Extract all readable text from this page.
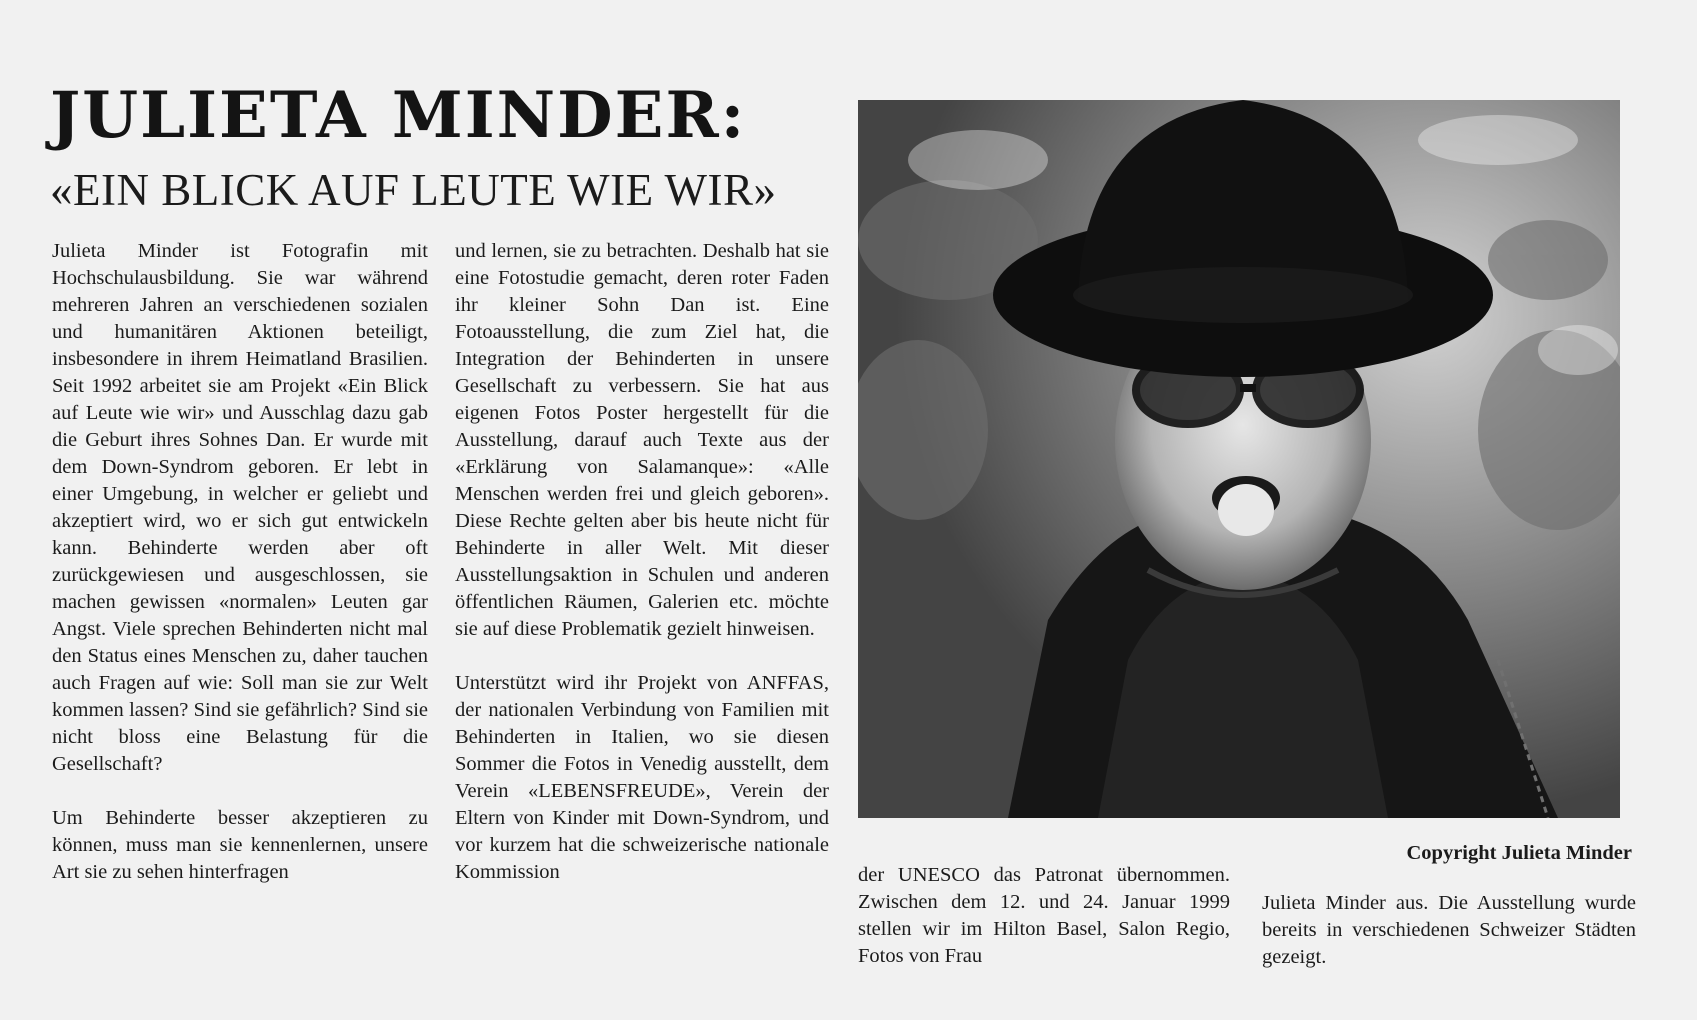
JULIETA MINDER:
«EIN BLICK AUF LEUTE WIE WIR»

Julieta Minder ist Fotografin mit Hochschulausbildung. Sie war während mehreren Jahren an verschiedenen sozialen und humanitären Aktionen beteiligt, insbesondere in ihrem Heimatland Brasilien. Seit 1992 arbeitet sie am Projekt «Ein Blick auf Leute wie wir» und Ausschlag dazu gab die Geburt ihres Sohnes Dan. Er wurde mit dem Down-Syndrom geboren. Er lebt in einer Umgebung, in welcher er geliebt und akzeptiert wird, wo er sich gut entwickeln kann. Behinderte werden aber oft zurückgewiesen und ausgeschlossen, sie machen gewissen «normalen» Leuten gar Angst. Viele sprechen Behinderten nicht mal den Status eines Menschen zu, daher tauchen auch Fragen auf wie: Soll man sie zur Welt kommen lassen? Sind sie gefährlich? Sind sie nicht bloss eine Belastung für die Gesellschaft?

Um Behinderte besser akzeptieren zu können, muss man sie kennenlernen, unsere Art sie zu sehen hinterfragen

und lernen, sie zu betrachten. Deshalb hat sie eine Fotostudie gemacht, deren roter Faden ihr kleiner Sohn Dan ist. Eine Fotoausstellung, die zum Ziel hat, die Integration der Behinderten in unsere Gesellschaft zu verbessern. Sie hat aus eigenen Fotos Poster hergestellt für die Ausstellung, darauf auch Texte aus der «Erklärung von Salamanque»: «Alle Menschen werden frei und gleich geboren». Diese Rechte gelten aber bis heute nicht für Behinderte in aller Welt. Mit dieser Ausstellungsaktion in Schulen und anderen öffentlichen Räumen, Galerien etc. möchte sie auf diese Problematik gezielt hinweisen.

Unterstützt wird ihr Projekt von ANFFAS, der nationalen Verbindung von Familien mit Behinderten in Italien, wo sie diesen Sommer die Fotos in Venedig ausstellt, dem Verein «LEBENSFREUDE», Verein der Eltern von Kinder mit Down-Syndrom, und vor kurzem hat die schweizerische nationale Kommission

Copyright Julieta Minder

der UNESCO das Patronat übernommen. Zwischen dem 12. und 24. Januar 1999 stellen wir im Hilton Basel, Salon Regio, Fotos von Frau

Julieta Minder aus. Die Ausstellung wurde bereits in verschiedenen Schweizer Städten gezeigt.
